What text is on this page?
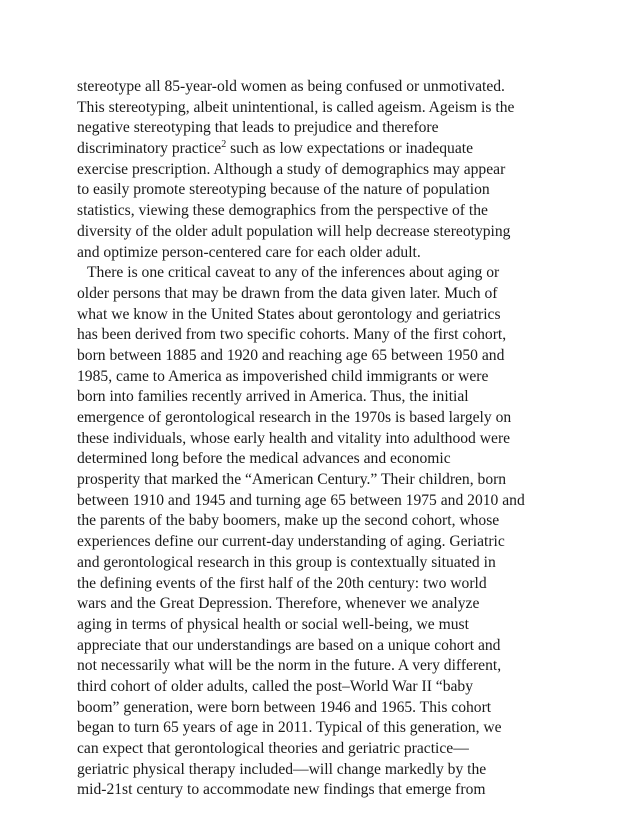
stereotype all 85-year-old women as being confused or unmotivated.
This stereotyping, albeit unintentional, is called ageism. Ageism is the
negative stereotyping that leads to prejudice and therefore
discriminatory practice$^2$ such as low expectations or inadequate
exercise prescription. Although a study of demographics may appear
to easily promote stereotyping because of the nature of population
statistics, viewing these demographics from the perspective of the
diversity of the older adult population will help decrease stereotyping
and optimize person-centered care for each older adult.
There is one critical caveat to any of the inferences about aging or
older persons that may be drawn from the data given later. Much of
what we know in the United States about gerontology and geriatrics
has been derived from two specific cohorts. Many of the first cohort,
born between 1885 and 1920 and reaching age 65 between 1950 and
1985, came to America as impoverished child immigrants or were
born into families recently arrived in America. Thus, the initial
emergence of gerontological research in the 1970s is based largely on
these individuals, whose early health and vitality into adulthood were
determined long before the medical advances and economic
prosperity that marked the “American Century.” Their children, born
between 1910 and 1945 and turning age 65 between 1975 and 2010 and
the parents of the baby boomers, make up the second cohort, whose
experiences define our current-day understanding of aging. Geriatric
and gerontological research in this group is contextually situated in
the defining events of the first half of the 20th century: two world
wars and the Great Depression. Therefore, whenever we analyze
aging in terms of physical health or social well-being, we must
appreciate that our understandings are based on a unique cohort and
not necessarily what will be the norm in the future. A very different,
third cohort of older adults, called the post–World War II “baby
boom” generation, were born between 1946 and 1965. This cohort
began to turn 65 years of age in 2011. Typical of this generation, we
can expect that gerontological theories and geriatric practice—
geriatric physical therapy included—will change markedly by the
mid-21st century to accommodate new findings that emerge from
